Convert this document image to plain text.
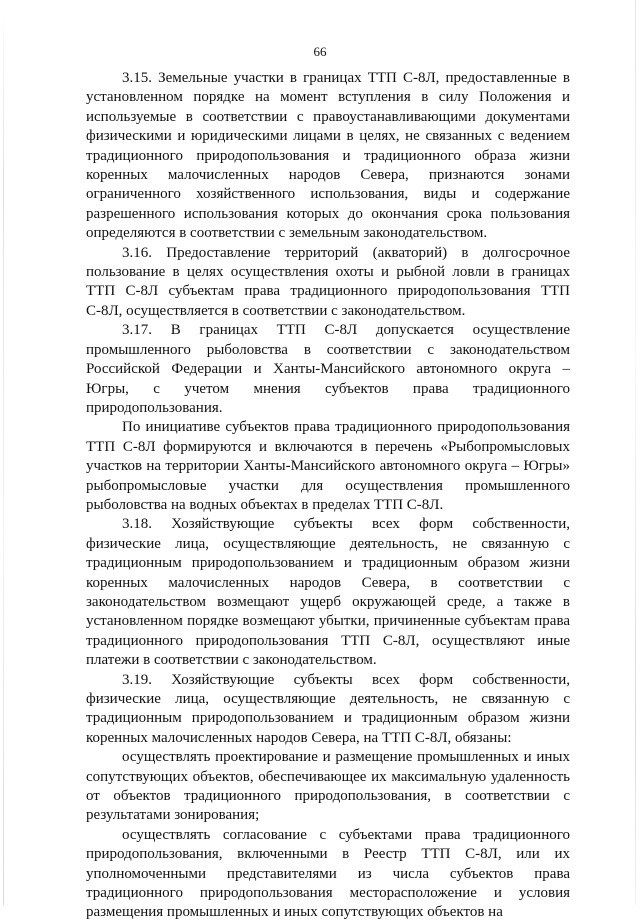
66

3.15. Земельные участки в границах ТТП С-8Л, предоставленные в установленном порядке на момент вступления в силу Положения и используемые в соответствии с правоустанавливающими документами физическими и юридическими лицами в целях, не связанных с ведением традиционного природопользования и традиционного образа жизни коренных малочисленных народов Севера, признаются зонами ограниченного хозяйственного использования, виды и содержание разрешенного использования которых до окончания срока пользования определяются в соответствии с земельным законодательством.

3.16. Предоставление территорий (акваторий) в долгосрочное пользование в целях осуществления охоты и рыбной ловли в границах ТТП С-8Л субъектам права традиционного природопользования ТТП С-8Л, осуществляется в соответствии с законодательством.

3.17. В границах ТТП С-8Л допускается осуществление промышленного рыболовства в соответствии с законодательством Российской Федерации и Ханты-Мансийского автономного округа – Югры, с учетом мнения субъектов права традиционного природопользования.

По инициативе субъектов права традиционного природопользования ТТП С-8Л формируются и включаются в перечень «Рыбопромысловых участков на территории Ханты-Мансийского автономного округа – Югры» рыбопромысловые участки для осуществления промышленного рыболовства на водных объектах в пределах ТТП С-8Л.

3.18. Хозяйствующие субъекты всех форм собственности, физические лица, осуществляющие деятельность, не связанную с традиционным природопользованием и традиционным образом жизни коренных малочисленных народов Севера, в соответствии с законодательством возмещают ущерб окружающей среде, а также в установленном порядке возмещают убытки, причиненные субъектам права традиционного природопользования ТТП С-8Л, осуществляют иные платежи в соответствии с законодательством.

3.19. Хозяйствующие субъекты всех форм собственности, физические лица, осуществляющие деятельность, не связанную с традиционным природопользованием и традиционным образом жизни коренных малочисленных народов Севера, на ТТП С-8Л, обязаны:

осуществлять проектирование и размещение промышленных и иных сопутствующих объектов, обеспечивающее их максимальную удаленность от объектов традиционного природопользования, в соответствии с результатами зонирования;

осуществлять согласование с субъектами права традиционного природопользования, включенными в Реестр ТТП С-8Л, или их уполномоченными представителями из числа субъектов права традиционного природопользования месторасположение и условия размещения промышленных и иных сопутствующих объектов на
